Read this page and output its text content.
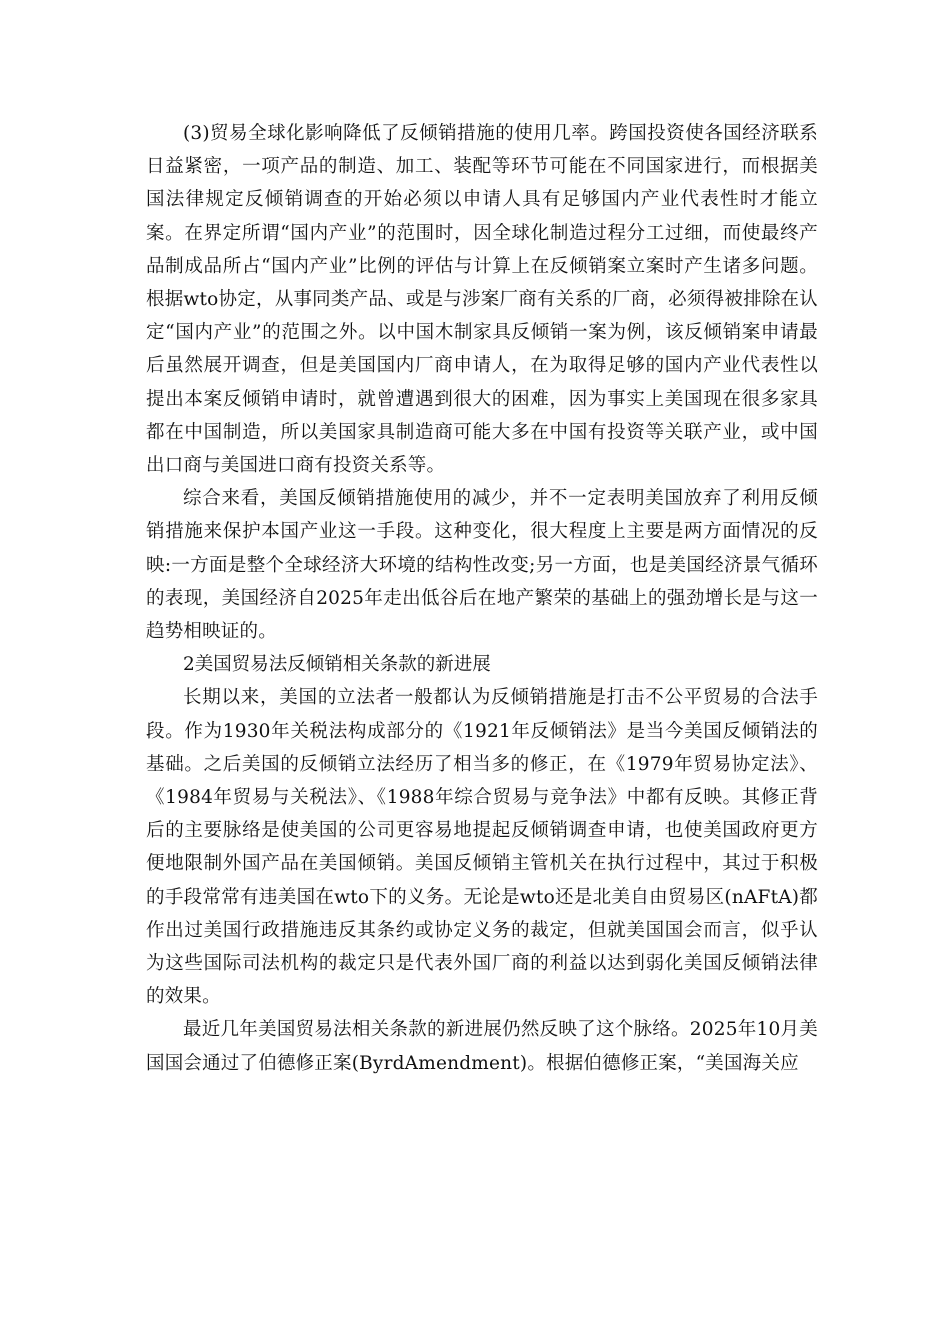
(3)贸易全球化影响降低了反倾销措施的使用几率。跨国投资使各国经济联系日益紧密，一项产品的制造、加工、装配等环节可能在不同国家进行，而根据美国法律规定反倾销调查的开始必须以申请人具有足够国内产业代表性时才能立案。在界定所谓“国内产业”的范围时，因全球化制造过程分工过细，而使最终产品制成品所占“国内产业”比例的评估与计算上在反倾销案立案时产生诸多问题。根据wto协定，从事同类产品、或是与涉案厂商有关系的厂商，必须得被排除在认定“国内产业”的范围之外。以中国木制家具反倾销一案为例，该反倾销案申请最后虽然展开调查，但是美国国内厂商申请人，在为取得足够的国内产业代表性以提出本案反倾销申请时，就曾遭遇到很大的困难，因为事实上美国现在很多家具都在中国制造，所以美国家具制造商可能大多在中国有投资等关联产业，或中国出口商与美国进口商有投资关系等。

综合来看，美国反倾销措施使用的减少，并不一定表明美国放弃了利用反倾销措施来保护本国产业这一手段。这种变化，很大程度上主要是两方面情况的反映:一方面是整个全球经济大环境的结构性改变;另一方面，也是美国经济景气循环的表现，美国经济自2025年走出低谷后在地产繁荣的基础上的强劲增长是与这一趋势相映证的。

2美国贸易法反倾销相关条款的新进展

长期以来，美国的立法者一般都认为反倾销措施是打击不公平贸易的合法手段。作为1930年关税法构成部分的《1921年反倾销法》是当今美国反倾销法的基础。之后美国的反倾销立法经历了相当多的修正，在《1979年贸易协定法》、《1984年贸易与关税法》、《1988年综合贸易与竞争法》中都有反映。其修正背后的主要脉络是使美国的公司更容易地提起反倾销调查申请，也使美国政府更方便地限制外国产品在美国倾销。美国反倾销主管机关在执行过程中，其过于积极的手段常常有违美国在wto下的义务。无论是wto还是北美自由贸易区(nAFtA)都作出过美国行政措施违反其条约或协定义务的裁定，但就美国国会而言，似乎认为这些国际司法机构的裁定只是代表外国厂商的利益以达到弱化美国反倾销法律的效果。

最近几年美国贸易法相关条款的新进展仍然反映了这个脉络。2025年10月美国国会通过了伯德修正案(ByrdAmendment)。根据伯德修正案，“美国海关应
